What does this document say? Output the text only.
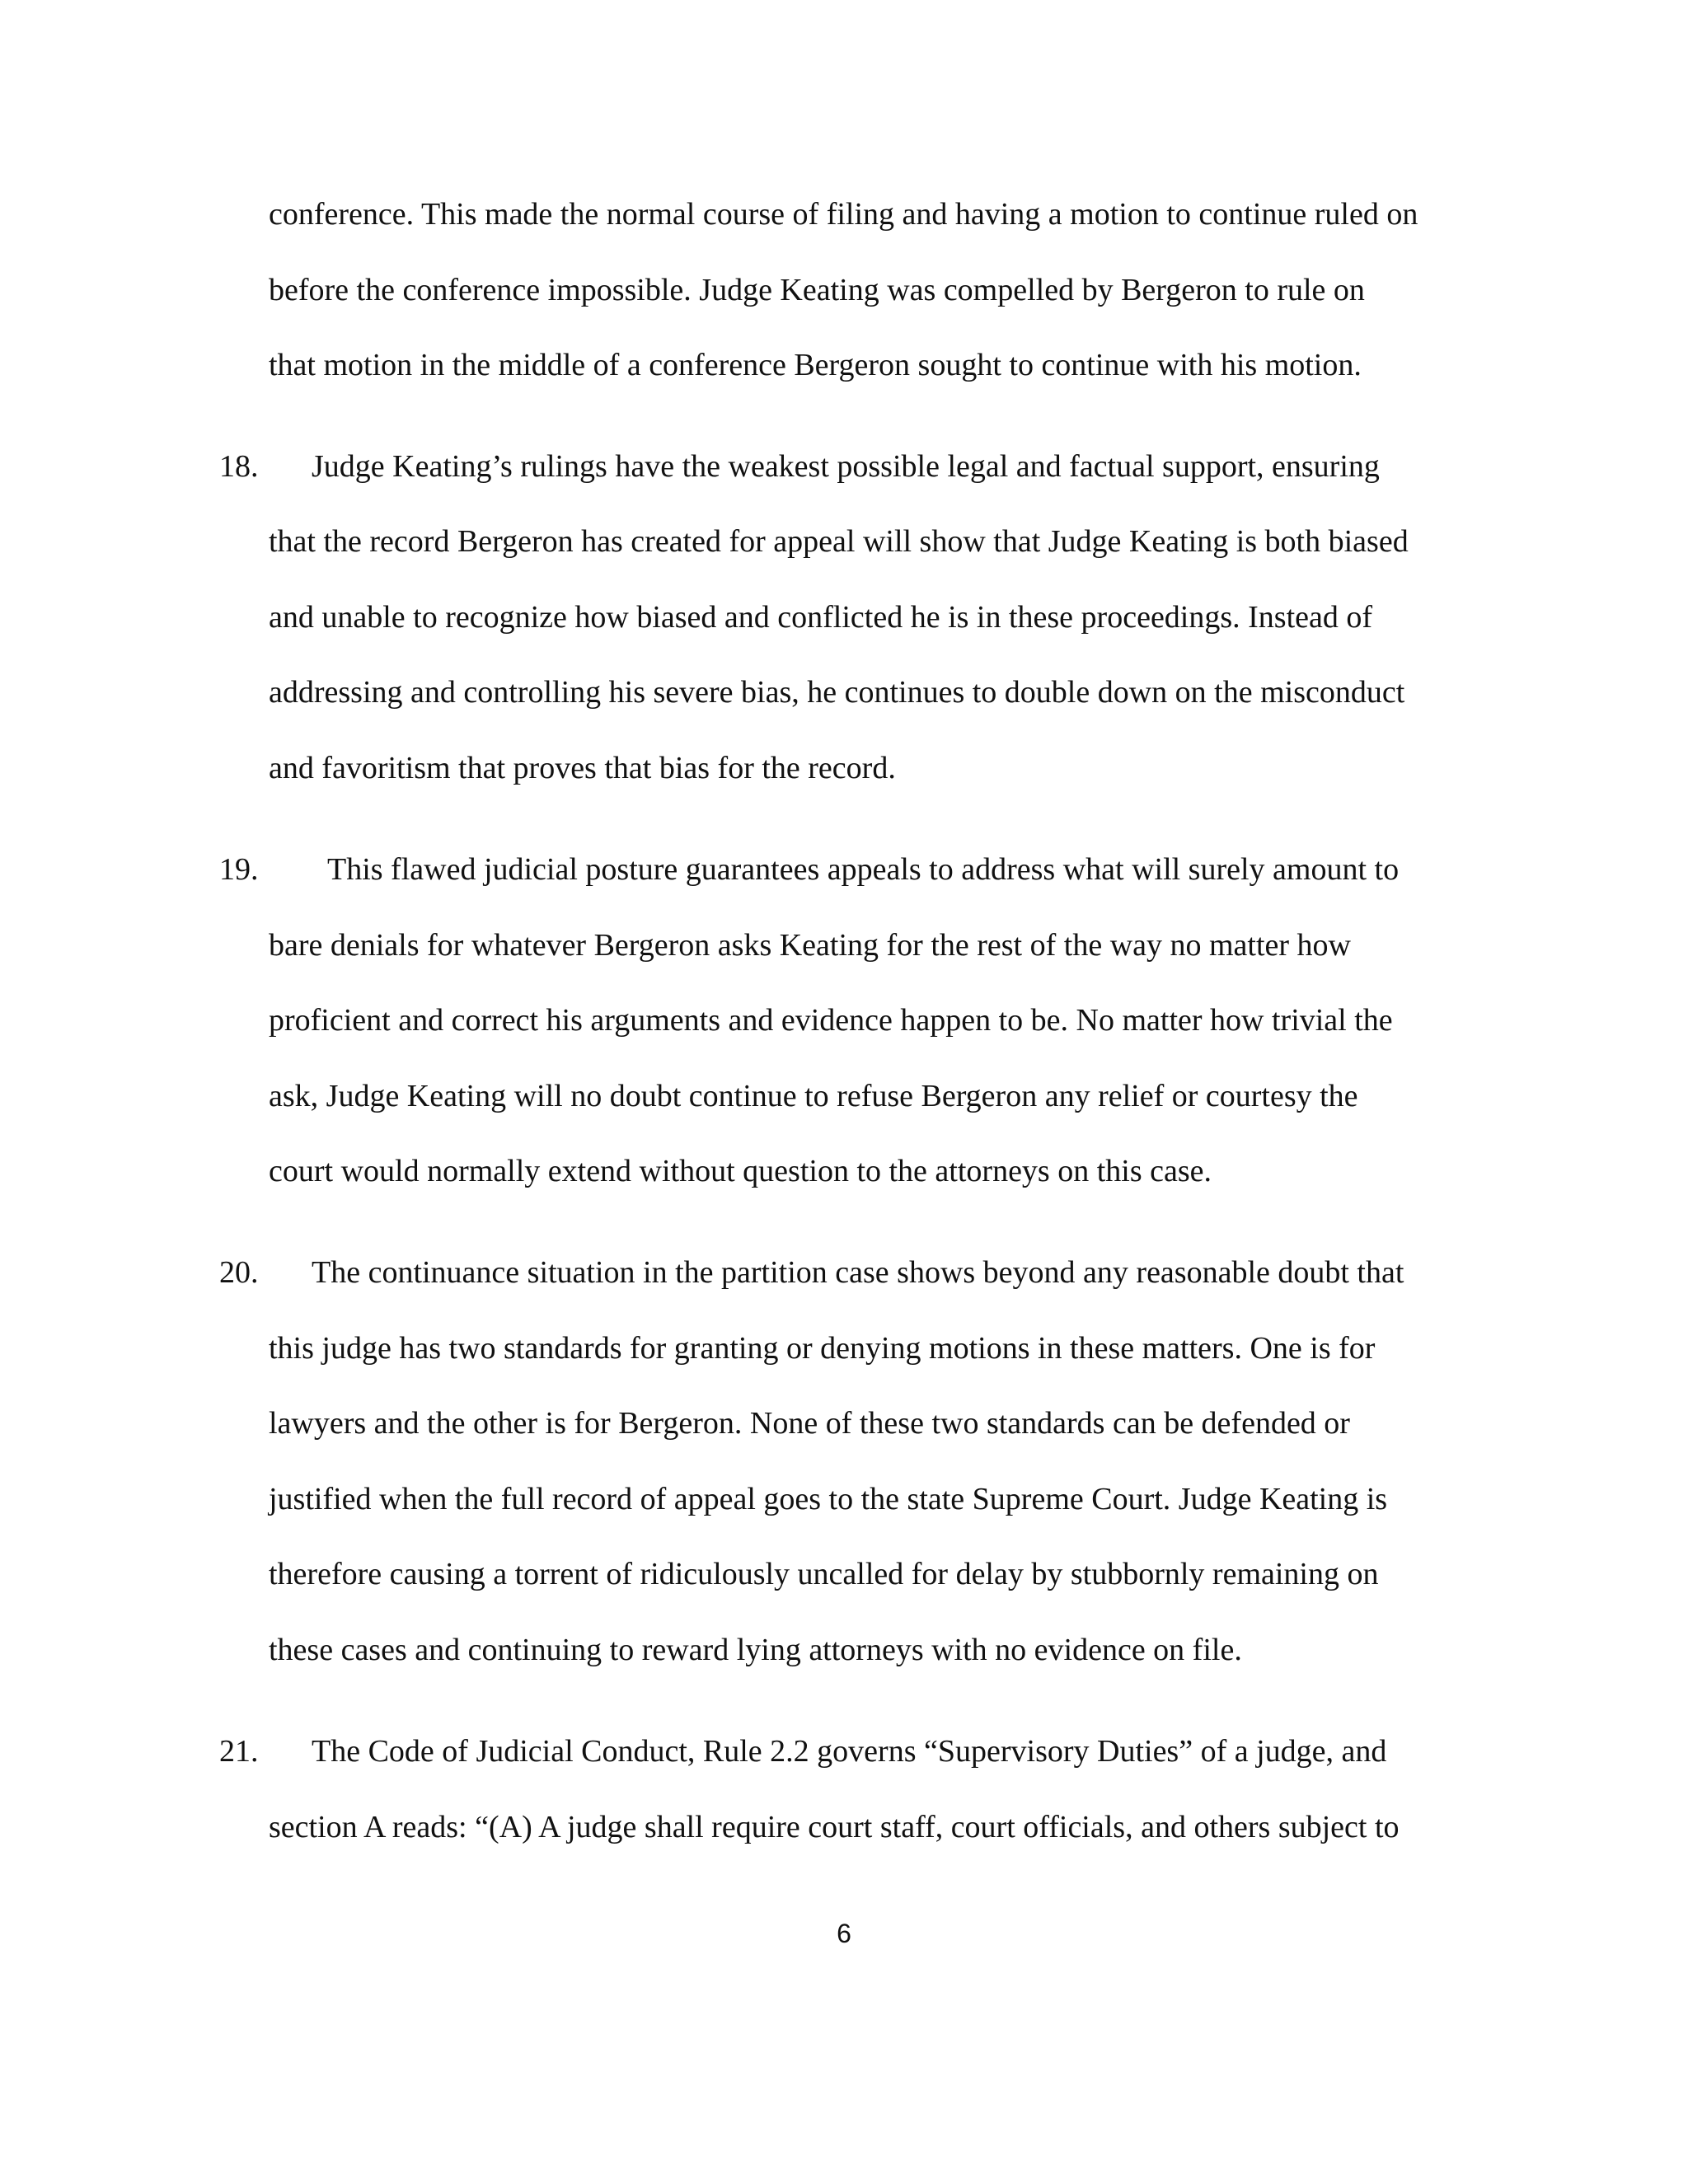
conference. This made the normal course of filing and having a motion to continue ruled on
before the conference impossible. Judge Keating was compelled by Bergeron to rule on
that motion in the middle of a conference Bergeron sought to continue with his motion.
18. Judge Keating’s rulings have the weakest possible legal and factual support, ensuring
that the record Bergeron has created for appeal will show that Judge Keating is both biased
and unable to recognize how biased and conflicted he is in these proceedings. Instead of
addressing and controlling his severe bias, he continues to double down on the misconduct
and favoritism that proves that bias for the record.
19. This flawed judicial posture guarantees appeals to address what will surely amount to
bare denials for whatever Bergeron asks Keating for the rest of the way no matter how
proficient and correct his arguments and evidence happen to be. No matter how trivial the
ask, Judge Keating will no doubt continue to refuse Bergeron any relief or courtesy the
court would normally extend without question to the attorneys on this case.
20. The continuance situation in the partition case shows beyond any reasonable doubt that
this judge has two standards for granting or denying motions in these matters. One is for
lawyers and the other is for Bergeron. None of these two standards can be defended or
justified when the full record of appeal goes to the state Supreme Court. Judge Keating is
therefore causing a torrent of ridiculously uncalled for delay by stubbornly remaining on
these cases and continuing to reward lying attorneys with no evidence on file.
21. The Code of Judicial Conduct, Rule 2.2 governs “Supervisory Duties” of a judge, and
section A reads: “(A) A judge shall require court staff, court officials, and others subject to
6
